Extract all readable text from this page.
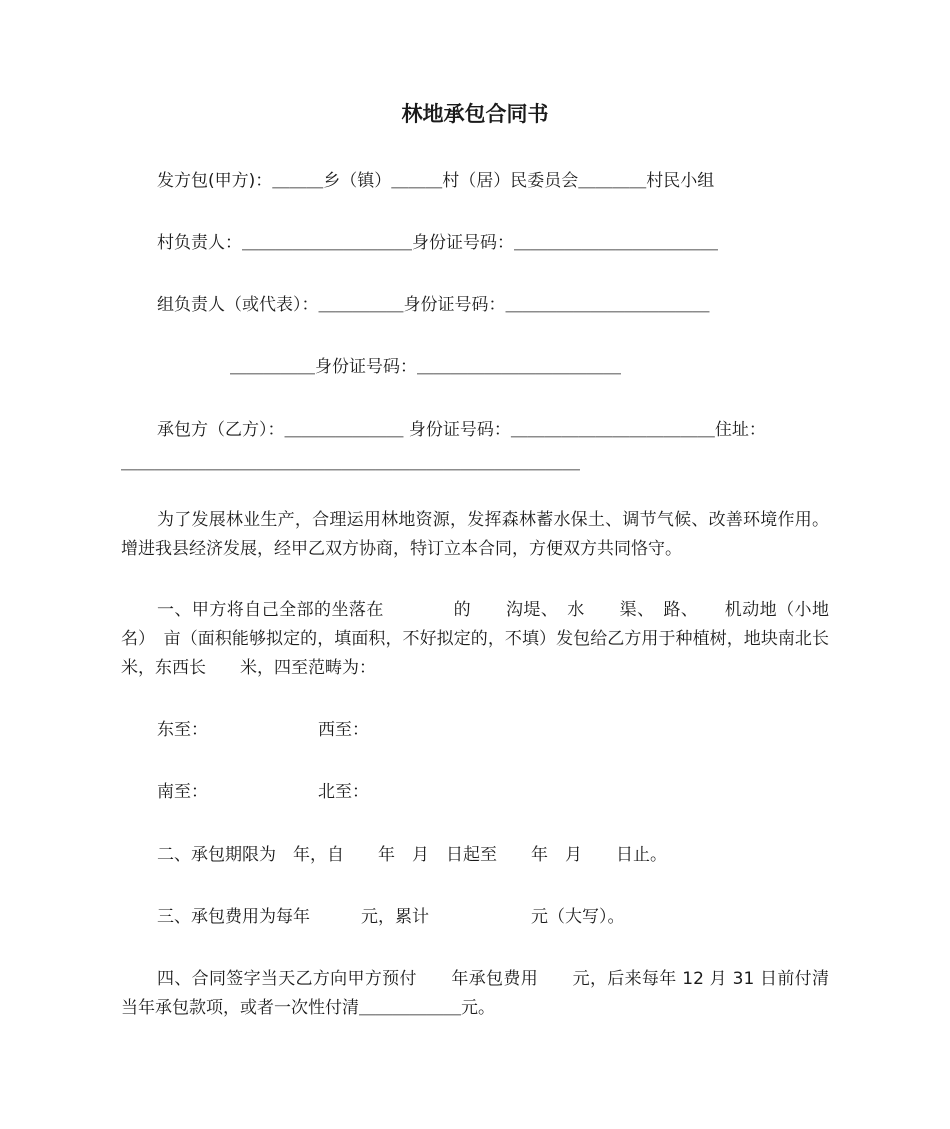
林地承包合同书
发方包(甲方)：＿＿＿乡（镇）＿＿＿村（居）民委员会＿＿＿＿村民小组
村负责人：＿＿＿＿＿＿＿＿＿＿身份证号码：＿＿＿＿＿＿＿＿＿＿＿＿
组负责人（或代表）：＿＿＿＿＿身份证号码：＿＿＿＿＿＿＿＿＿＿＿＿
＿＿＿＿＿身份证号码：＿＿＿＿＿＿＿＿＿＿＿＿
承包方（乙方）：＿＿＿＿＿＿＿ 身份证号码：＿＿＿＿＿＿＿＿＿＿＿＿住址：
＿＿＿＿＿＿＿＿＿＿＿＿＿＿＿＿＿＿＿＿＿＿＿＿＿＿＿
为了发展林业生产，合理运用林地资源，发挥森林蓄水保土、调节气候、改善环境作用。增进我县经济发展，经甲乙双方协商，特订立本合同，方便双方共同恪守。
一、甲方将自己全部的坐落在　　　　的　　沟堤、　水　　渠、　路、　　机动地（小地名）　亩（面积能够拟定的，填面积，不好拟定的，不填）发包给乙方用于种植树，地块南北长　　米，东西长　　米，四至范畴为：
东至：	西至：
南至：	北至：
二、承包期限为　年，自　　年　月　日起至　　年　月　　日止。
三、承包费用为每年　　　元，累计　　　　　　元（大写）。
四、合同签字当天乙方向甲方预付　　年承包费用　　元，后来每年 12 月 31 日前付清当年承包款项，或者一次性付清＿＿＿＿＿＿元。
